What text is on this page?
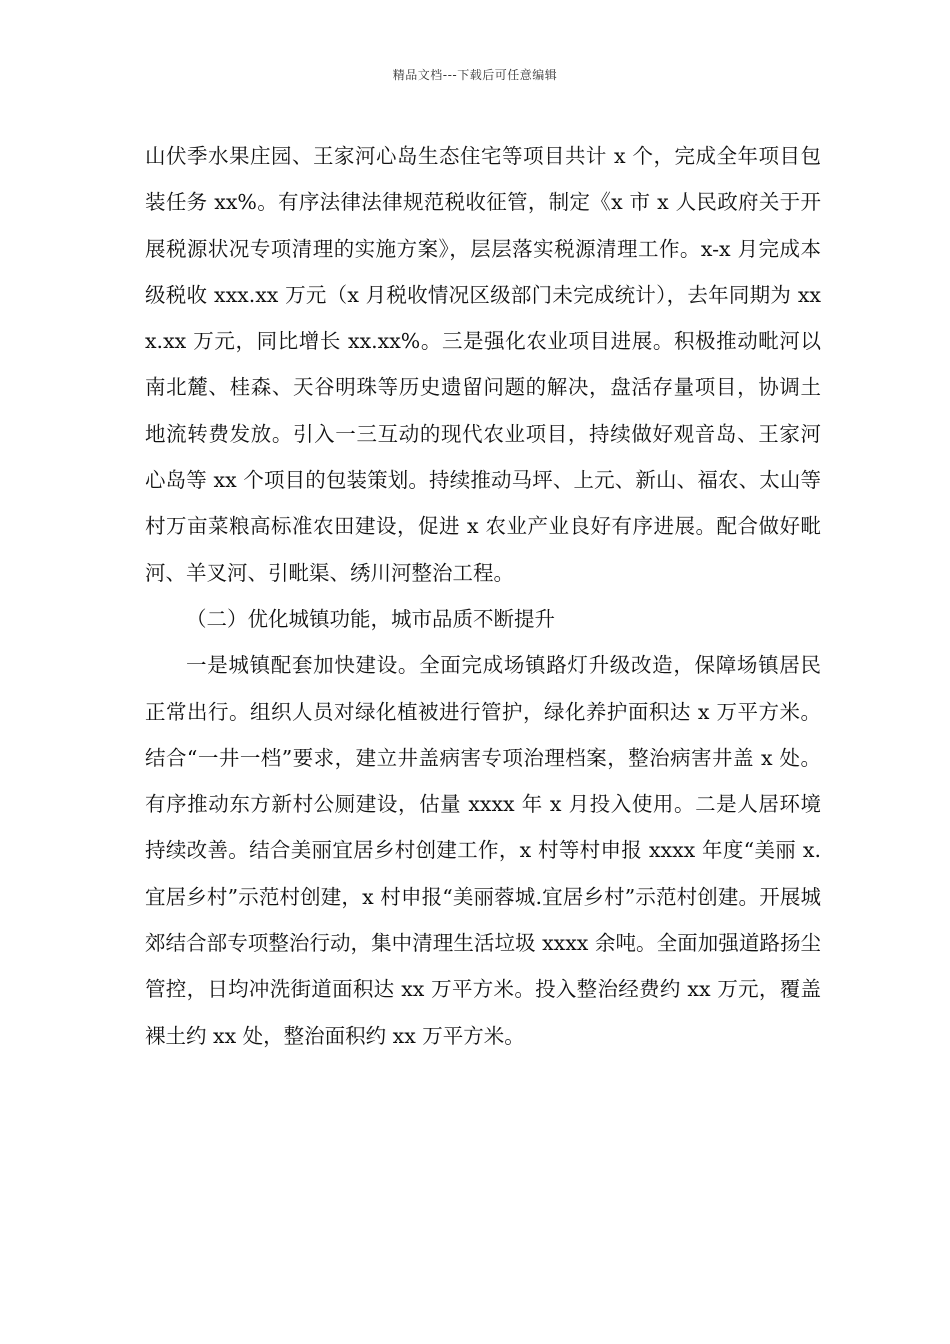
精品文档---下载后可任意编辑

山伏季水果庄园、王家河心岛生态住宅等项目共计 x 个，完成全年项目包装任务 xx%。有序法律法律规范税收征管，制定《x 市 x 人民政府关于开展税源状况专项清理的实施方案》，层层落实税源清理工作。x-x 月完成本级税收 xxx.xx 万元（x 月税收情况区级部门未完成统计），去年同期为 xxx.xx 万元，同比增长 xx.xx%。三是强化农业项目进展。积极推动毗河以南北麓、桂森、天谷明珠等历史遗留问题的解决，盘活存量项目，协调土地流转费发放。引入一三互动的现代农业项目，持续做好观音岛、王家河心岛等 xx 个项目的包装策划。持续推动马坪、上元、新山、福农、太山等村万亩菜粮高标准农田建设，促进 x 农业产业良好有序进展。配合做好毗河、羊叉河、引毗渠、绣川河整治工程。

（二）优化城镇功能，城市品质不断提升

一是城镇配套加快建设。全面完成场镇路灯升级改造，保障场镇居民正常出行。组织人员对绿化植被进行管护，绿化养护面积达 x 万平方米。结合“一井一档”要求，建立井盖病害专项治理档案，整治病害井盖 x 处。有序推动东方新村公厕建设，估量 xxxx 年 x 月投入使用。二是人居环境持续改善。结合美丽宜居乡村创建工作，x 村等村申报 xxxx 年度“美丽 x.宜居乡村”示范村创建，x 村申报“美丽蓉城.宜居乡村”示范村创建。开展城郊结合部专项整治行动，集中清理生活垃圾 xxxx 余吨。全面加强道路扬尘管控，日均冲洗街道面积达 xx 万平方米。投入整治经费约 xx 万元，覆盖裸土约 xx 处，整治面积约 xx 万平方米。
